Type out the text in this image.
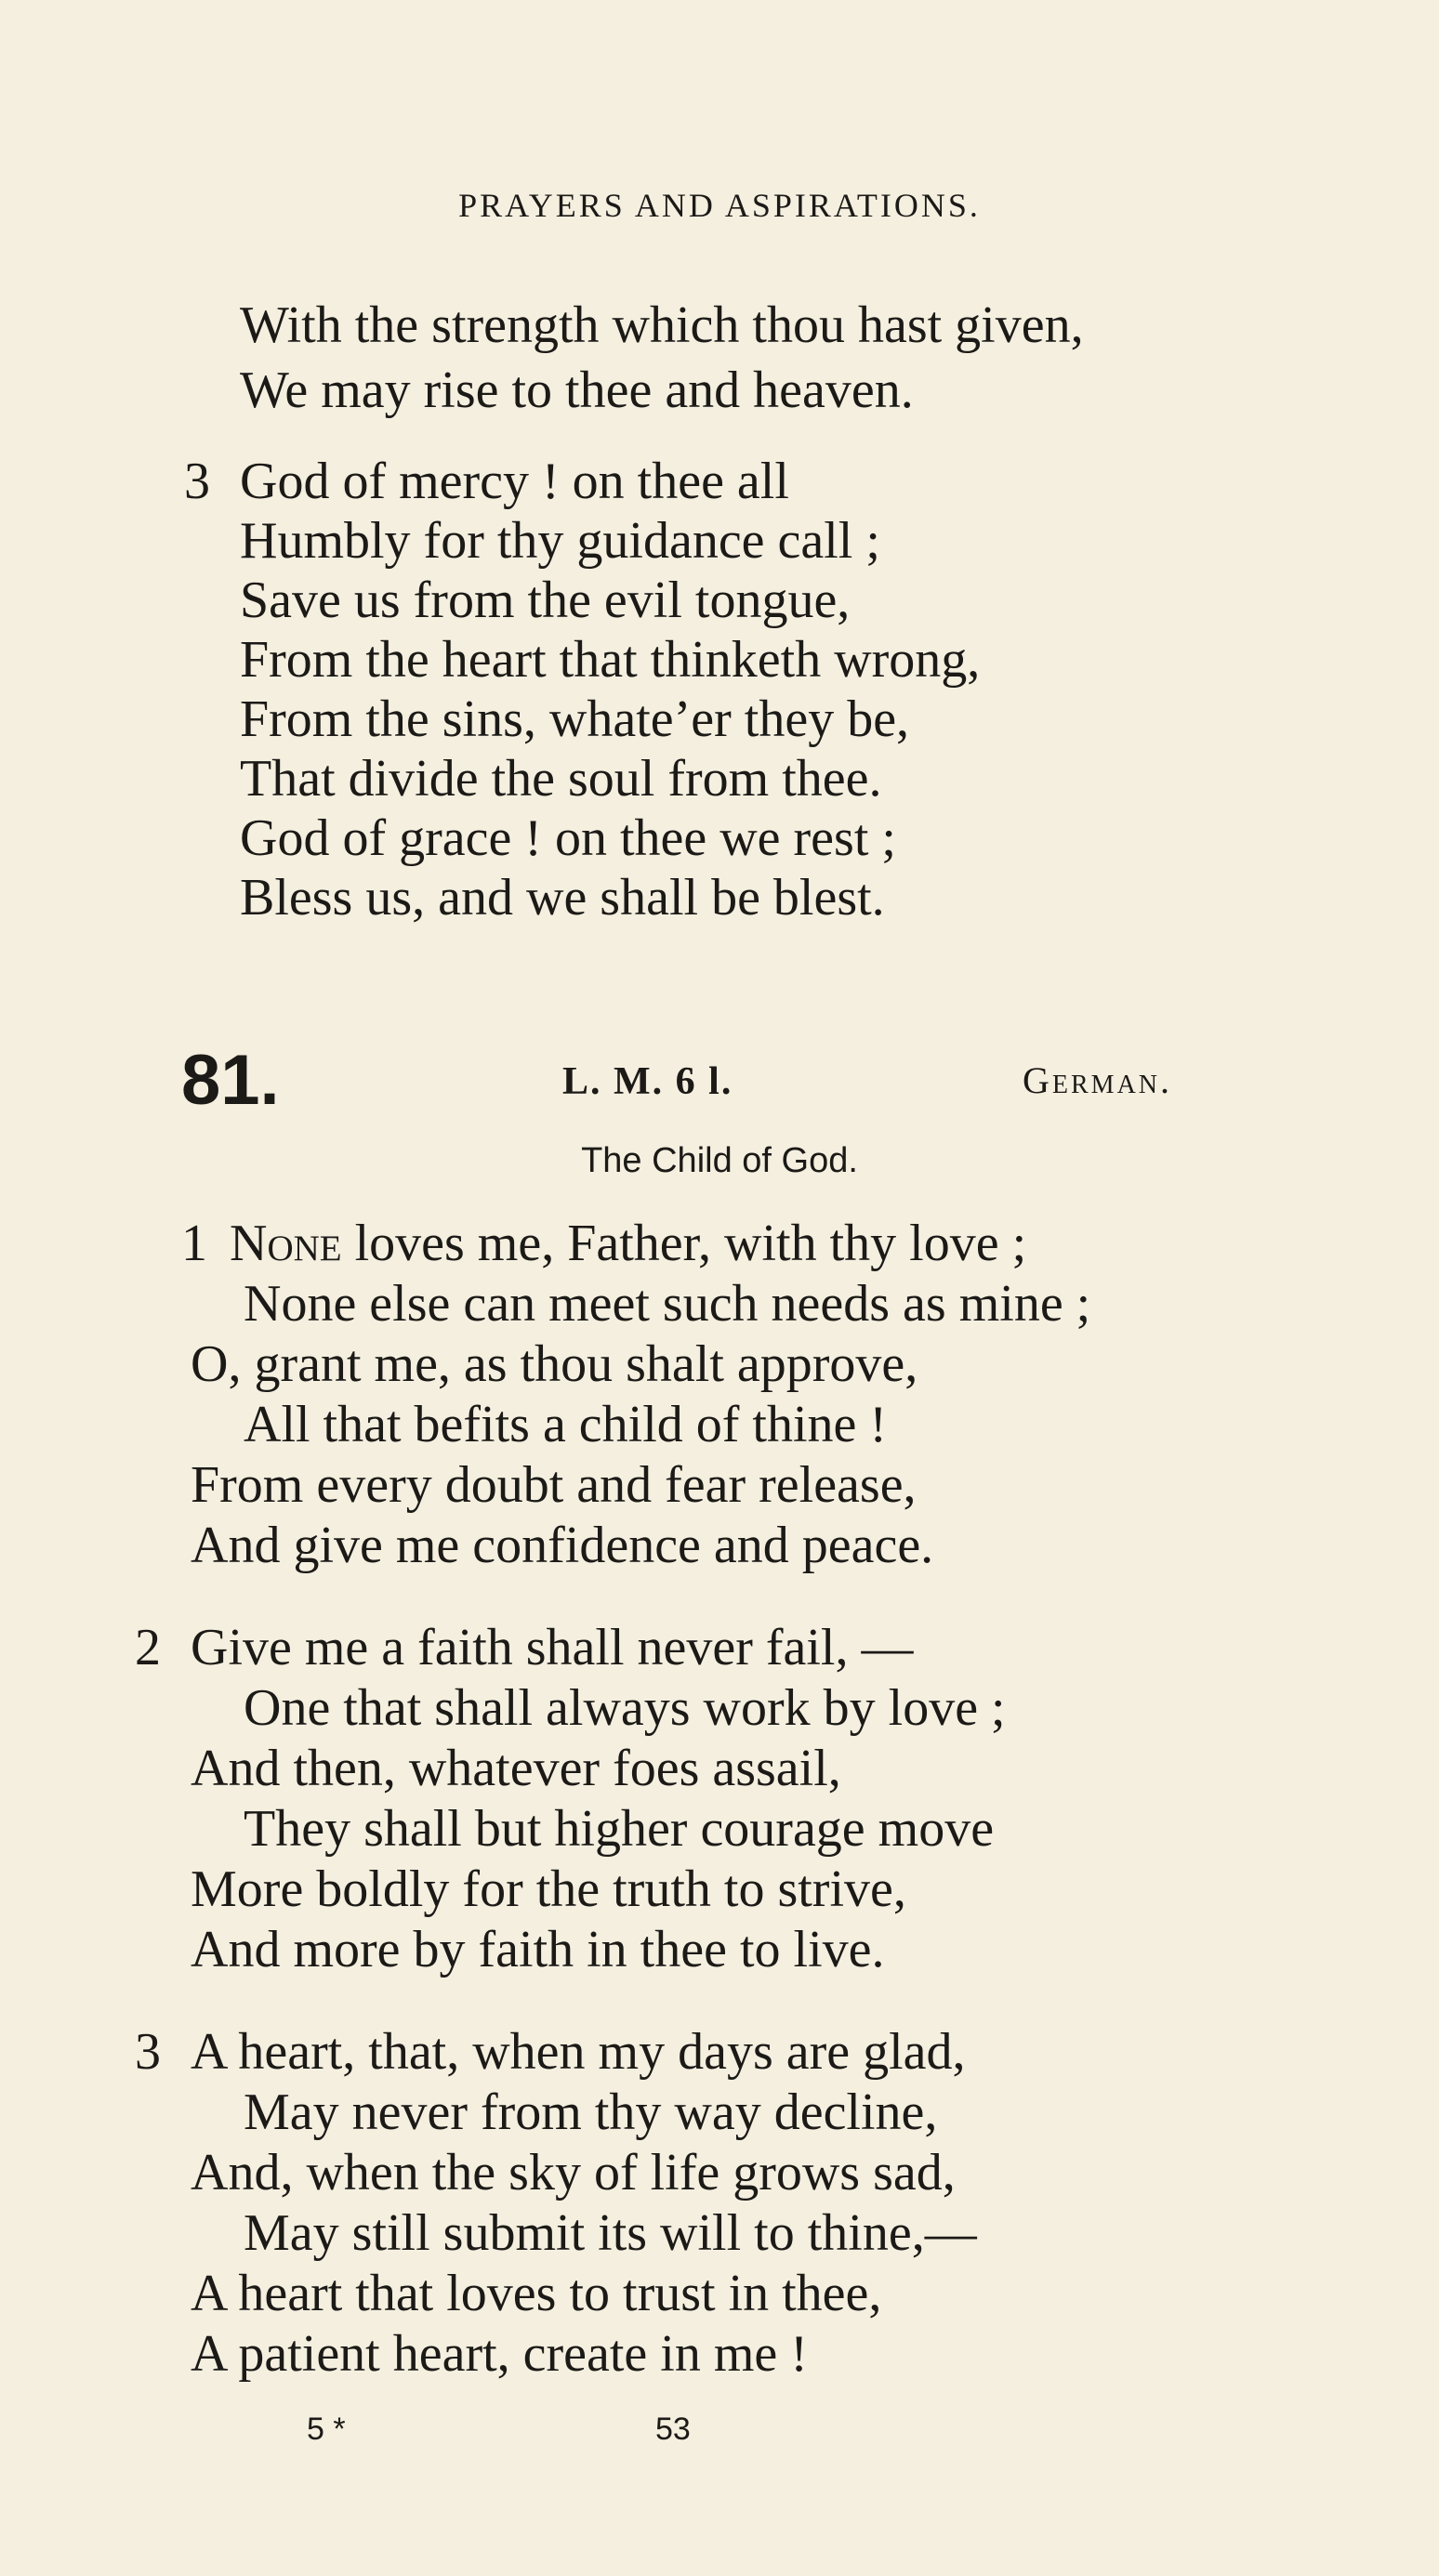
PRAYERS AND ASPIRATIONS.
With the strength which thou hast given,
We may rise to thee and heaven.
3 God of mercy ! on thee all
Humbly for thy guidance call ;
Save us from the evil tongue,
From the heart that thinketh wrong,
From the sins, whate’er they be,
That divide the soul from thee.
God of grace ! on thee we rest ;
Bless us, and we shall be blest.
81.	L. M. 6 l.	German.
The Child of God.
1 None loves me, Father, with thy love ;
None else can meet such needs as mine ;
O, grant me, as thou shalt approve,
All that befits a child of thine !
From every doubt and fear release,
And give me confidence and peace.
2 Give me a faith shall never fail, —
One that shall always work by love ;
And then, whatever foes assail,
They shall but higher courage move
More boldly for the truth to strive,
And more by faith in thee to live.
3 A heart, that, when my days are glad,
May never from thy way decline,
And, when the sky of life grows sad,
May still submit its will to thine,—
A heart that loves to trust in thee,
A patient heart, create in me !
5 *	53
